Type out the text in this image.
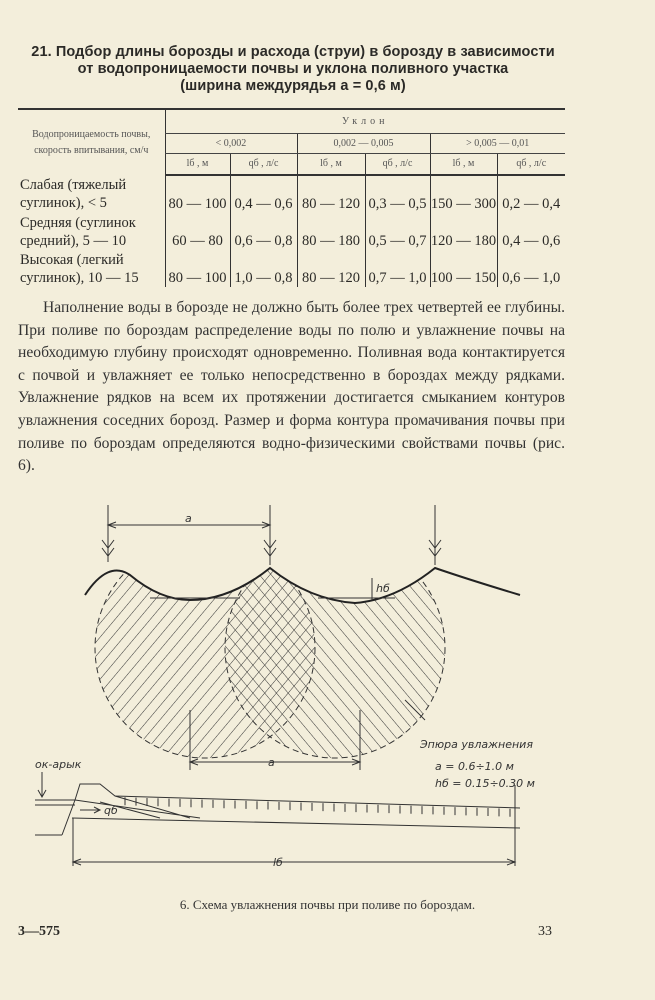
21. Подбор длины борозды и расхода (струи) в борозду в зависимости
от водопроницаемости почвы и уклона поливного участка
(ширина междурядья a = 0,6 м)
Водопроницаемость почвы, скорость впитывания, см/ч	Уклон					
	< 0,002		0,002 — 0,005		> 0,005 — 0,01	
	lб , м	qб , л/с	lб , м	qб , л/с	lб , м	qб , л/с

Слабая (тяжелый
суглинок), < 5	80 — 100	0,4 — 0,6	80 — 120	0,3 — 0,5	150 — 300	0,2 — 0,4

Средняя (суглинок
средний), 5 — 10	60 — 80	0,6 — 0,8	80 — 180	0,5 — 0,7	120 — 180	0,4 — 0,6

Высокая (легкий
суглинок), 10 — 15	80 — 100	1,0 — 0,8	80 — 120	0,7 — 1,0	100 — 150	0,6 — 1,0
Наполнение воды в борозде не должно быть более трех четвертей ее глубины. При поливе по бороздам распределение воды по полю и увлажнение почвы на необходимую глубину происходят одновременно. Поливная вода контактируется с почвой и увлажняет ее только непосредственно в бороздах между рядками. Увлажнение рядков на всем их протяжении достигается смыканием контуров увлажнения соседних борозд. Размер и форма контура промачивания почвы при поливе по бороздам определяются водно-физическими свойствами почвы (рис. 6).
a
a
hб
Эпюра увлажнения
a = 0.6÷1.0 м
hб = 0.15÷0.30 м
ок-арык
qб
lб
6. Схема увлажнения почвы при поливе по бороздам.
3—575	33
